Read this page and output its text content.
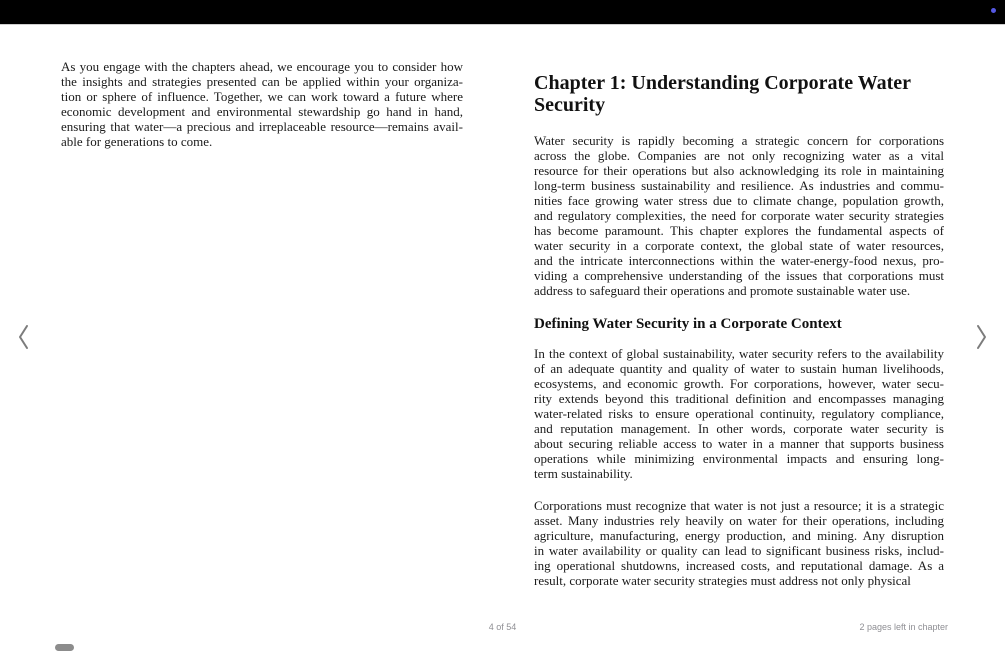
As you engage with the chapters ahead, we encourage you to consider how
the insights and strategies presented can be applied within your organiza-
tion or sphere of influence. Together, we can work toward a future where
economic development and environmental stewardship go hand in hand,
ensuring that water—a precious and irreplaceable resource—remains avail-
able for generations to come.
Chapter 1: Understanding Corporate Water Security
Water security is rapidly becoming a strategic concern for corporations
across the globe. Companies are not only recognizing water as a vital
resource for their operations but also acknowledging its role in maintaining
long-term business sustainability and resilience. As industries and commu-
nities face growing water stress due to climate change, population growth,
and regulatory complexities, the need for corporate water security strategies
has become paramount. This chapter explores the fundamental aspects of
water security in a corporate context, the global state of water resources,
and the intricate interconnections within the water-energy-food nexus, pro-
viding a comprehensive understanding of the issues that corporations must
address to safeguard their operations and promote sustainable water use.
Defining Water Security in a Corporate Context
In the context of global sustainability, water security refers to the availability
of an adequate quantity and quality of water to sustain human livelihoods,
ecosystems, and economic growth. For corporations, however, water secu-
rity extends beyond this traditional definition and encompasses managing
water-related risks to ensure operational continuity, regulatory compliance,
and reputation management. In other words, corporate water security is
about securing reliable access to water in a manner that supports business
operations while minimizing environmental impacts and ensuring long-
term sustainability.
Corporations must recognize that water is not just a resource; it is a strategic
asset. Many industries rely heavily on water for their operations, including
agriculture, manufacturing, energy production, and mining. Any disruption
in water availability or quality can lead to significant business risks, includ-
ing operational shutdowns, increased costs, and reputational damage. As a
result, corporate water security strategies must address not only physical
4 of 54	2 pages left in chapter
